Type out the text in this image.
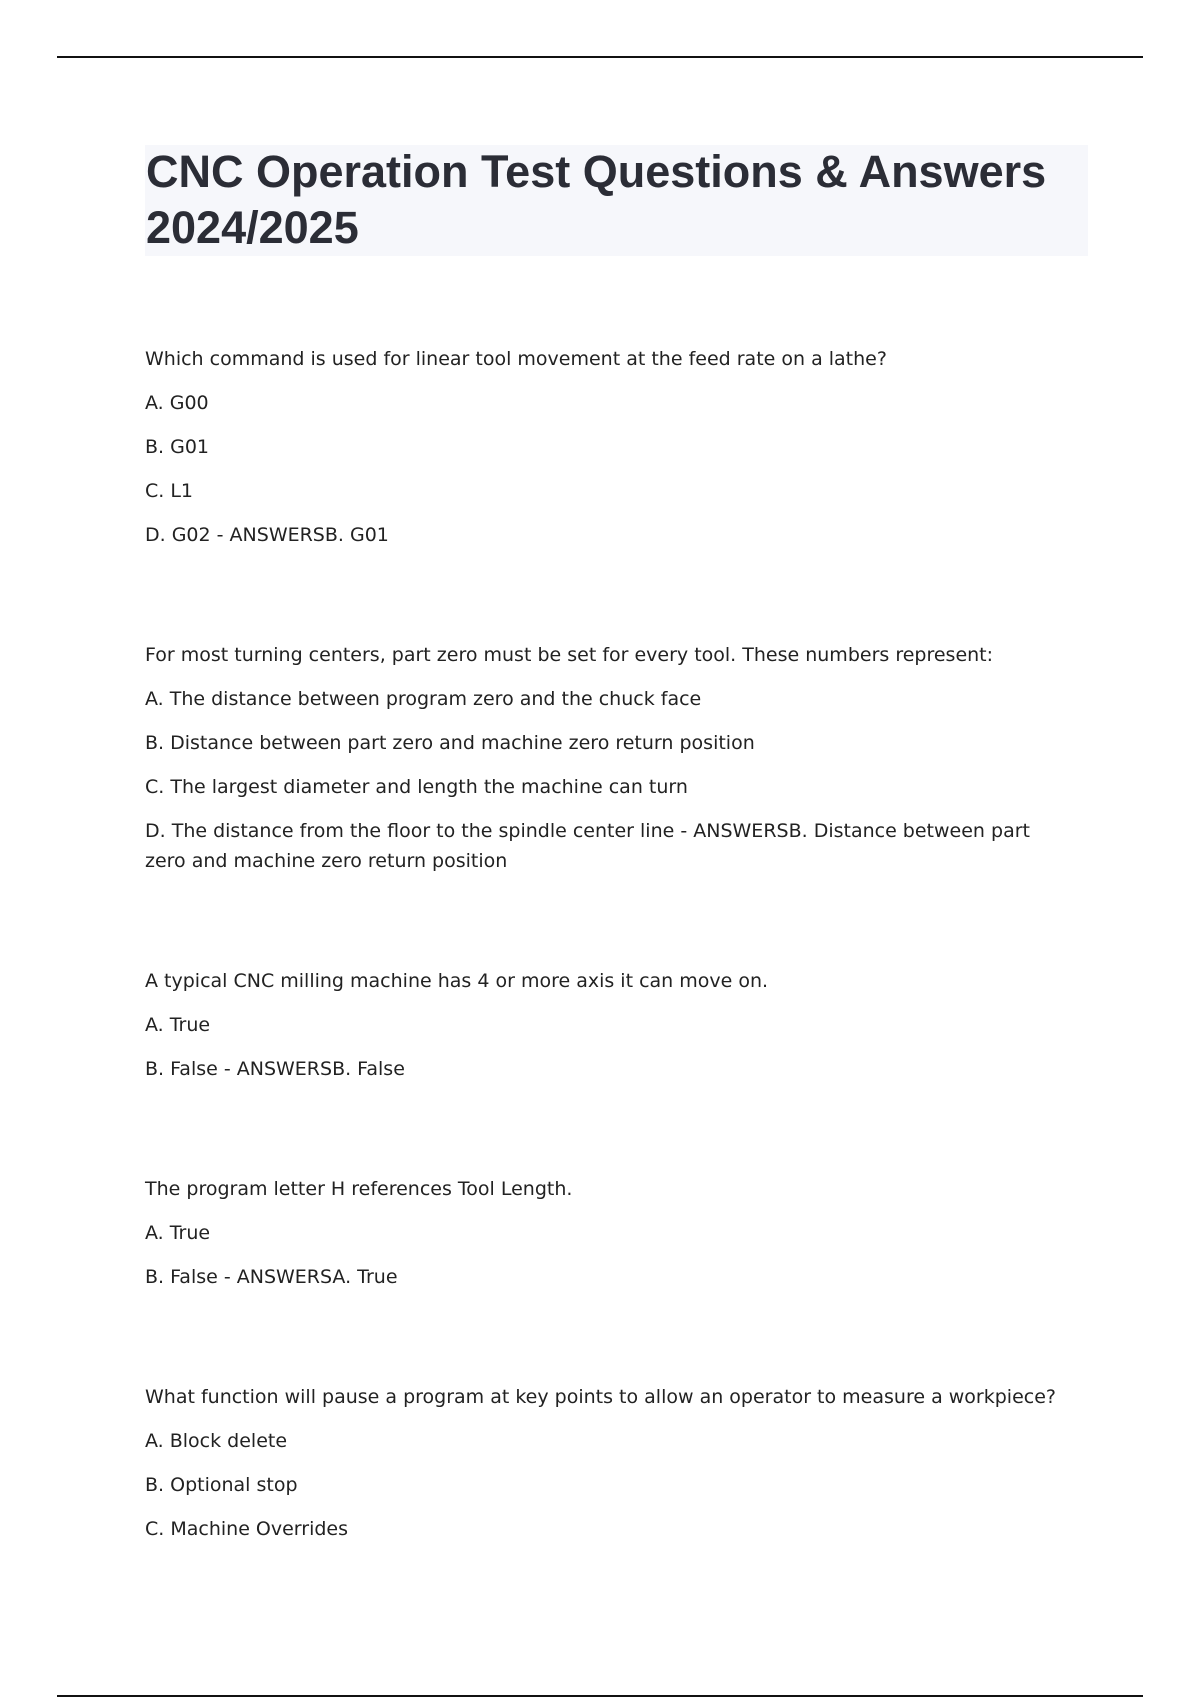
CNC Operation Test Questions & Answers 2024/2025

Which command is used for linear tool movement at the feed rate on a lathe?

A. G00

B. G01

C. L1

D. G02 - ANSWERSB. G01

For most turning centers, part zero must be set for every tool. These numbers represent:

A. The distance between program zero and the chuck face

B. Distance between part zero and machine zero return position

C. The largest diameter and length the machine can turn

D. The distance from the floor to the spindle center line - ANSWERSB. Distance between part zero and machine zero return position

A typical CNC milling machine has 4 or more axis it can move on.

A. True

B. False - ANSWERSB. False

The program letter H references Tool Length.

A. True

B. False - ANSWERSA. True

What function will pause a program at key points to allow an operator to measure a workpiece?

A. Block delete

B. Optional stop

C. Machine Overrides
